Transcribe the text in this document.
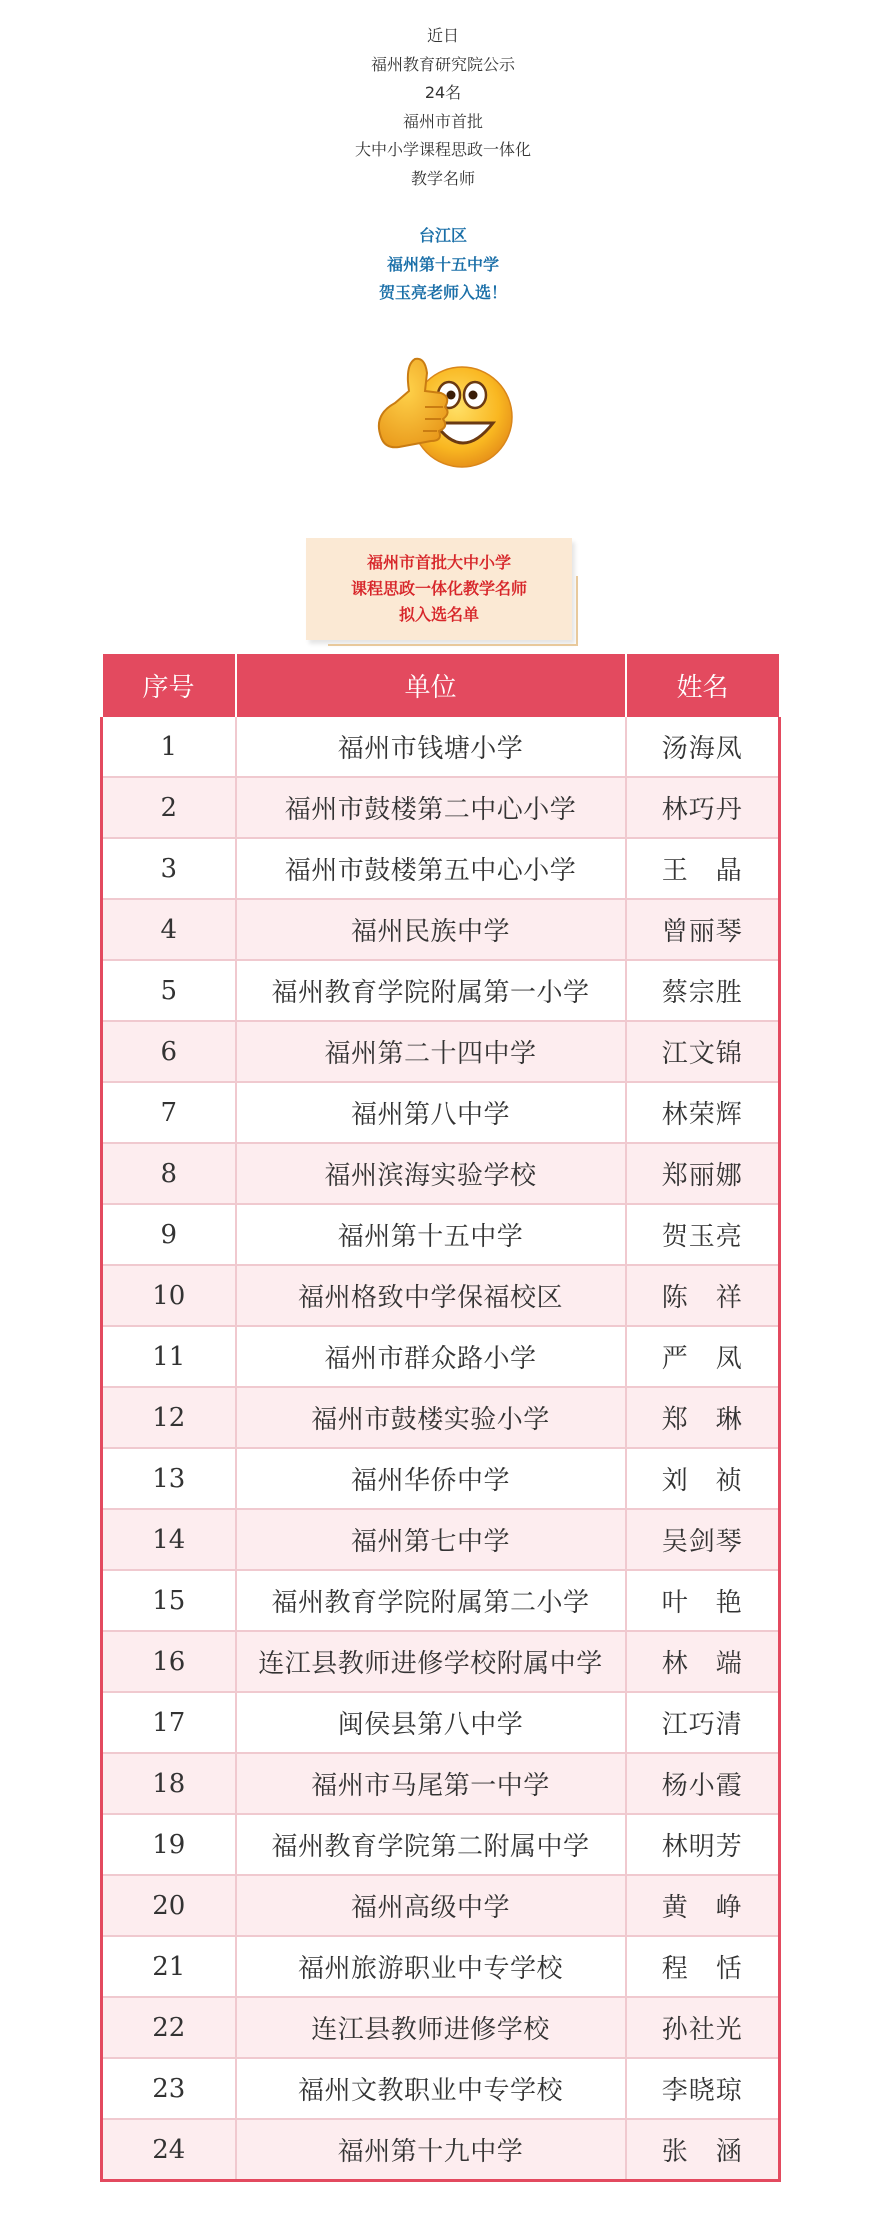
近日
福州教育研究院公示
24名
福州市首批
大中小学课程思政一体化
教学名师
台江区
福州第十五中学
贺玉亮老师入选！
福州市首批大中小学
课程思政一体化教学名师
拟入选名单
序号	单位	姓名
1	福州市钱塘小学	汤海凤
2	福州市鼓楼第二中心小学	林巧丹
3	福州市鼓楼第五中心小学	王　晶
4	福州民族中学	曾丽琴
5	福州教育学院附属第一小学	蔡宗胜
6	福州第二十四中学	江文锦
7	福州第八中学	林荣辉
8	福州滨海实验学校	郑丽娜
9	福州第十五中学	贺玉亮
10	福州格致中学保福校区	陈　祥
11	福州市群众路小学	严　凤
12	福州市鼓楼实验小学	郑　琳
13	福州华侨中学	刘　祯
14	福州第七中学	吴剑琴
15	福州教育学院附属第二小学	叶　艳
16	连江县教师进修学校附属中学	林　端
17	闽侯县第八中学	江巧清
18	福州市马尾第一中学	杨小霞
19	福州教育学院第二附属中学	林明芳
20	福州高级中学	黄　峥
21	福州旅游职业中专学校	程　恬
22	连江县教师进修学校	孙社光
23	福州文教职业中专学校	李晓琼
24	福州第十九中学	张　涵
